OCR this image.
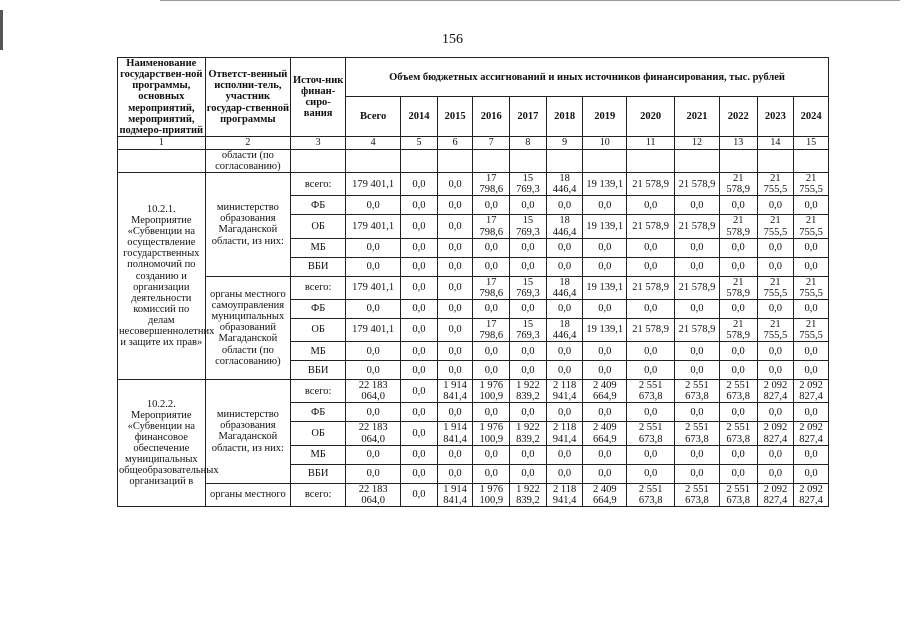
156
Наименование государствен-ной программы, основных мероприятий, мероприятий, подмеро-приятий	Ответст-венный исполни-тель, участник государ-ственной программы	Источ-ник финан-сиро-вания	Объем бюджетных ассигнований и иных источников финансирования, тыс. рублей											
			Всего	2014	2015	2016	2017	2018	2019	2020	2021	2022	2023	2024
1	2	3	4	5	6	7	8	9	10	11	12	13	14	15
	области (по согласованию)													
10.2.1. Мероприятие «Субвенции на осуществление государственных полномочий по созданию и организации деятельности комиссий по делам несовершеннолетних и защите их прав»	министерство образования Магаданской области, из них:	всего:	179 401,1	0,0	0,0	17 798,6	15 769,3	18 446,4	19 139,1	21 578,9	21 578,9	21 578,9	21 755,5	21 755,5
		ФБ	0,0	0,0	0,0	0,0	0,0	0,0	0,0	0,0	0,0	0,0	0,0	0,0
		ОБ	179 401,1	0,0	0,0	17 798,6	15 769,3	18 446,4	19 139,1	21 578,9	21 578,9	21 578,9	21 755,5	21 755,5
		МБ	0,0	0,0	0,0	0,0	0,0	0,0	0,0	0,0	0,0	0,0	0,0	0,0
		ВБИ	0,0	0,0	0,0	0,0	0,0	0,0	0,0	0,0	0,0	0,0	0,0	0,0
	органы местного самоуправления муниципальных образований Магаданской области (по согласованию)	всего:	179 401,1	0,0	0,0	17 798,6	15 769,3	18 446,4	19 139,1	21 578,9	21 578,9	21 578,9	21 755,5	21 755,5
		ФБ	0,0	0,0	0,0	0,0	0,0	0,0	0,0	0,0	0,0	0,0	0,0	0,0
		ОБ	179 401,1	0,0	0,0	17 798,6	15 769,3	18 446,4	19 139,1	21 578,9	21 578,9	21 578,9	21 755,5	21 755,5
		МБ	0,0	0,0	0,0	0,0	0,0	0,0	0,0	0,0	0,0	0,0	0,0	0,0
		ВБИ	0,0	0,0	0,0	0,0	0,0	0,0	0,0	0,0	0,0	0,0	0,0	0,0
10.2.2. Мероприятие «Субвенции на финансовое обеспечение муниципальных общеобразовательных организаций в	министерство образования Магаданской области, из них:	всего:	22 183 064,0	0,0	1 914 841,4	1 976 100,9	1 922 839,2	2 118 941,4	2 409 664,9	2 551 673,8	2 551 673,8	2 551 673,8	2 092 827,4	2 092 827,4
		ФБ	0,0	0,0	0,0	0,0	0,0	0,0	0,0	0,0	0,0	0,0	0,0	0,0
		ОБ	22 183 064,0	0,0	1 914 841,4	1 976 100,9	1 922 839,2	2 118 941,4	2 409 664,9	2 551 673,8	2 551 673,8	2 551 673,8	2 092 827,4	2 092 827,4
		МБ	0,0	0,0	0,0	0,0	0,0	0,0	0,0	0,0	0,0	0,0	0,0	0,0
		ВБИ	0,0	0,0	0,0	0,0	0,0	0,0	0,0	0,0	0,0	0,0	0,0	0,0
	органы местного	всего:	22 183 064,0	0,0	1 914 841,4	1 976 100,9	1 922 839,2	2 118 941,4	2 409 664,9	2 551 673,8	2 551 673,8	2 551 673,8	2 092 827,4	2 092 827,4
